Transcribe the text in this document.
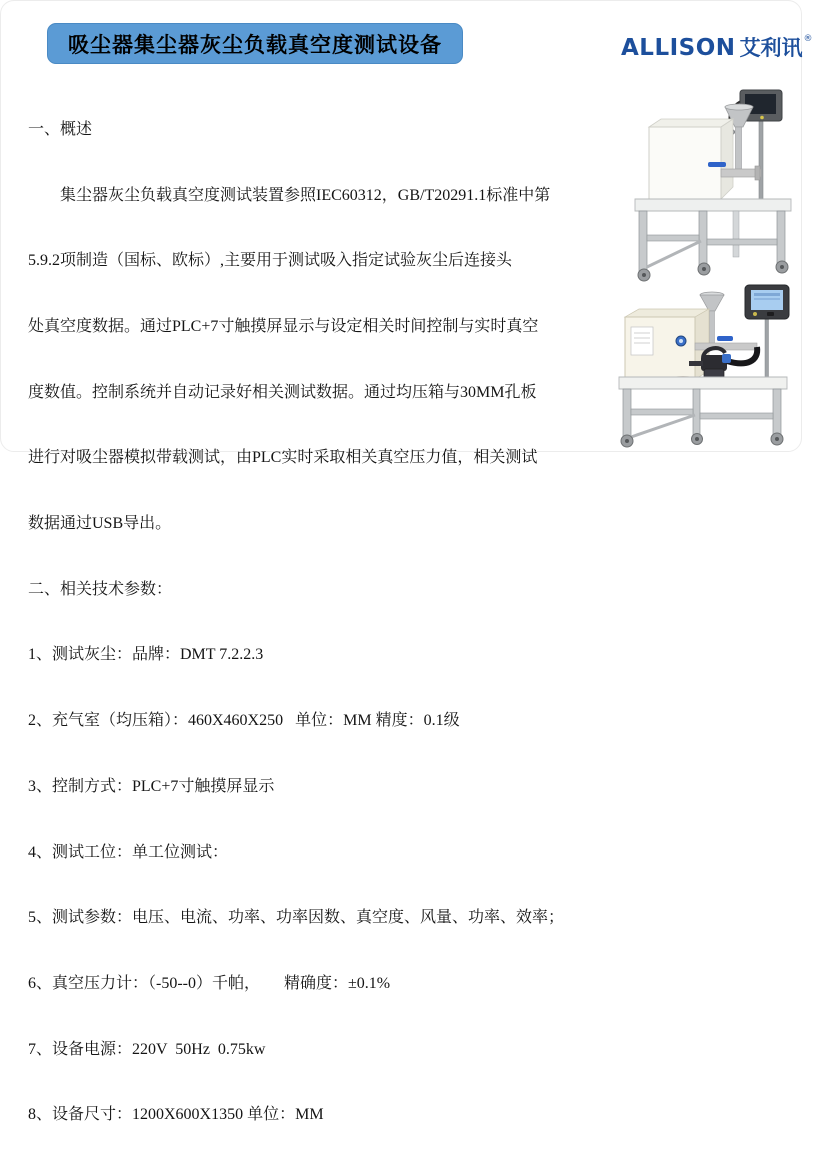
吸尘器集尘器灰尘负载真空度测试设备	ALLISON 艾利讯®

一、概述

　　集尘器灰尘负载真空度测试装置参照IEC60312，GB/T20291.1标准中第

5.9.2项制造（国标、欧标）,主要用于测试吸入指定试验灰尘后连接头

处真空度数据。通过PLC+7寸触摸屏显示与设定相关时间控制与实时真空

度数值。控制系统并自动记录好相关测试数据。通过均压箱与30MM孔板

进行对吸尘器模拟带载测试，由PLC实时采取相关真空压力值，相关测试

数据通过USB导出。

二、相关技术参数：

1、测试灰尘：品牌：DMT 7.2.2.3

2、充气室（均压箱）：460X460X250   单位：MM 精度：0.1级

3、控制方式：PLC+7寸触摸屏显示

4、测试工位：单工位测试：

5、测试参数：电压、电流、功率、功率因数、真空度、风量、功率、效率；

6、真空压力计：（-50--0）千帕，      精确度：±0.1%

7、设备电源：220V  50Hz  0.75kw

8、设备尺寸：1200X600X1350 单位：MM
